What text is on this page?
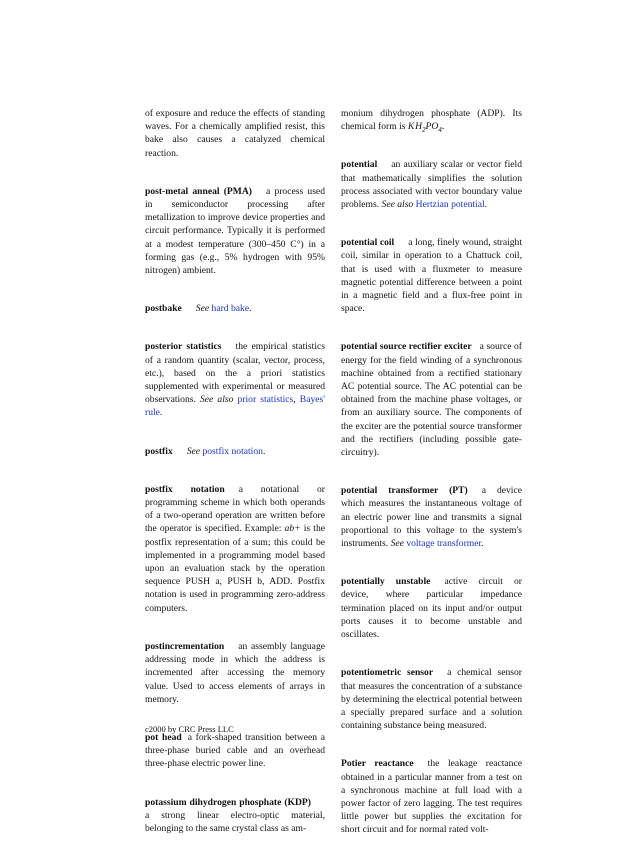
of exposure and reduce the effects of standing waves. For a chemically amplified resist, this bake also causes a catalyzed chemical reaction.

post-metal anneal (PMA) a process used in semiconductor processing after metallization to improve device properties and circuit performance. Typically it is performed at a modest temperature (300–450 C°) in a forming gas (e.g., 5% hydrogen with 95% nitrogen) ambient.

postbake See hard bake.

posterior statistics the empirical statistics of a random quantity (scalar, vector, process, etc.), based on the a priori statistics supplemented with experimental or measured observations. See also prior statistics, Bayes' rule.

postfix See postfix notation.

postfix notation a notational or programming scheme in which both operands of a two-operand operation are written before the operator is specified. Example: ab+ is the postfix representation of a sum; this could be implemented in a programming model based upon an evaluation stack by the operation sequence PUSH a, PUSH b, ADD. Postfix notation is used in programming zero-address computers.

postincrementation an assembly language addressing mode in which the address is incremented after accessing the memory value. Used to access elements of arrays in memory.

pot head a fork-shaped transition between a three-phase buried cable and an overhead three-phase electric power line.

potassium dihydrogen phosphate (KDP)a strong linear electro-optic material, belonging to the same crystal class as am-

monium dihydrogen phosphate (ADP). Its chemical form is K $H_2PO_4$.

potential an auxiliary scalar or vector field that mathematically simplifies the solution process associated with vector boundary value problems. See also Hertzian potential.

potential coil a long, finely wound, straight coil, similar in operation to a Chattuck coil, that is used with a fluxmeter to measure magnetic potential difference between a point in a magnetic field and a flux-free point in space.

potential source rectifier exciter a source of energy for the field winding of a synchronous machine obtained from a rectified stationary AC potential source. The AC potential can be obtained from the machine phase voltages, or from an auxiliary source. The components of the exciter are the potential source transformer and the rectifiers (including possible gate-circuitry).

potential transformer (PT) a device which measures the instantaneous voltage of an electric power line and transmits a signal proportional to this voltage to the system's instruments. See voltage transformer.

potentially unstable active circuit or device, where particular impedance termination placed on its input and/or output ports causes it to become unstable and oscillates.

potentiometric sensor a chemical sensor that measures the concentration of a substance by determining the electrical potential between a specially prepared surface and a solution containing substance being measured.

Potier reactance the leakage reactance obtained in a particular manner from a test on a synchronous machine at full load with a power factor of zero lagging. The test requires little power but supplies the excitation for short circuit and for normal rated volt-

c2000 by CRC Press LLC
